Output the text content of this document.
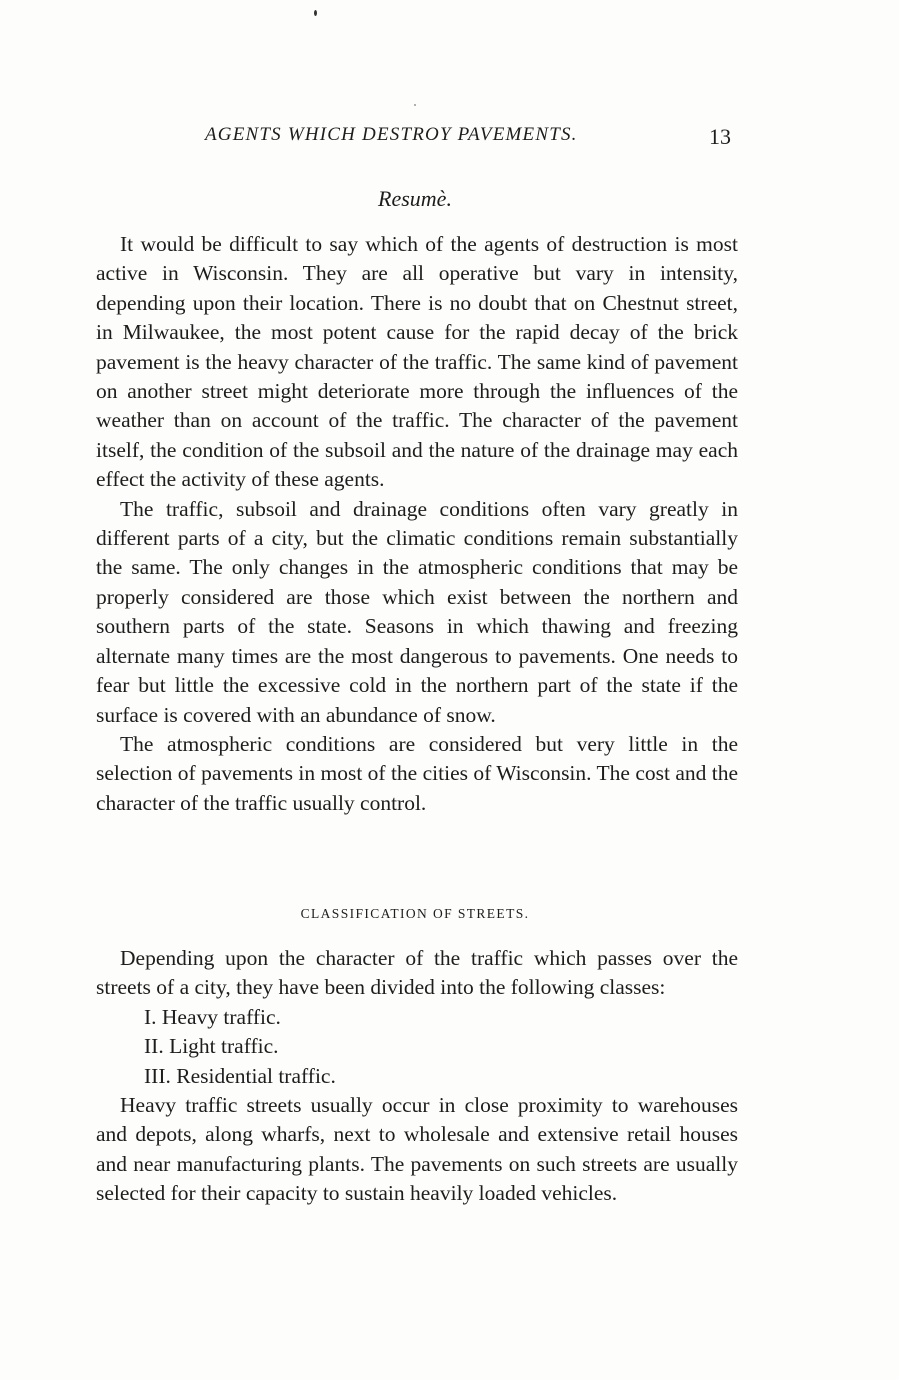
AGENTS WHICH DESTROY PAVEMENTS.	13
Resumè.

It would be difficult to say which of the agents of destruction is most active in Wisconsin. They are all operative but vary in intensity, depending upon their location. There is no doubt that on Chestnut street, in Milwaukee, the most potent cause for the rapid decay of the brick pavement is the heavy character of the traffic. The same kind of pavement on another street might deteriorate more through the influences of the weather than on account of the traffic. The character of the pavement itself, the condition of the subsoil and the nature of the drainage may each effect the activity of these agents.

The traffic, subsoil and drainage conditions often vary greatly in different parts of a city, but the climatic conditions remain substantially the same. The only changes in the atmospheric conditions that may be properly considered are those which exist between the northern and southern parts of the state. Seasons in which thawing and freezing alternate many times are the most dangerous to pavements. One needs to fear but little the excessive cold in the northern part of the state if the surface is covered with an abundance of snow.

The atmospheric conditions are considered but very little in the selection of pavements in most of the cities of Wisconsin. The cost and the character of the traffic usually control.

CLASSIFICATION OF STREETS.

Depending upon the character of the traffic which passes over the streets of a city, they have been divided into the following classes:

I. Heavy traffic.

II. Light traffic.

III. Residential traffic.

Heavy traffic streets usually occur in close proximity to warehouses and depots, along wharfs, next to wholesale and extensive retail houses and near manufacturing plants. The pavements on such streets are usually selected for their capacity to sustain heavily loaded vehicles.
